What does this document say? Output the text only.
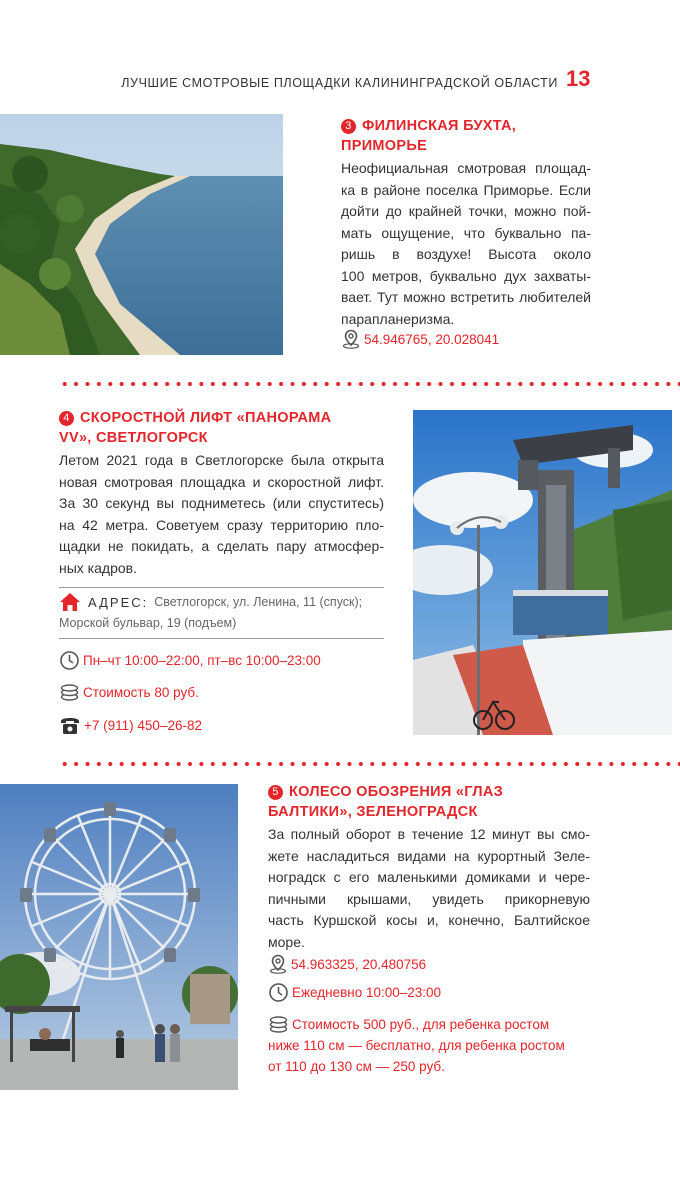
ЛУЧШИЕ СМОТРОВЫЕ ПЛОЩАДКИ КАЛИНИНГРАДСКОЙ ОБЛАСТИ 13
3 ФИЛИНСКАЯ БУХТА,
ПРИМОРЬЕ
Неофициальная смотровая площад-
ка в районе поселка Приморье. Если
дойти до крайней точки, можно пой-
мать ощущение, что буквально па-
ришь в воздухе! Высота около
100 метров, буквально дух захваты-
вает. Тут можно встретить любителей
парапланеризма.
54.946765, 20.028041
4 СКОРОСТНОЙ ЛИФТ «ПАНОРАМА
VV», СВЕТЛОГОРСК
Летом 2021 года в Светлогорске была открыта
новая смотровая площадка и скоростной лифт.
За 30 секунд вы подниметесь (или спуститесь)
на 42 метра. Советуем сразу территорию пло-
щадки не покидать, а сделать пару атмосфер-
ных кадров.
АДРЕС: Светлогорск, ул. Ленина, 11 (спуск);
Морской бульвар, 19 (подъем)
Пн–чт 10:00–22:00, пт–вс 10:00–23:00
Стоимость 80 руб.
+7 (911) 450–26-82
5 КОЛЕСО ОБОЗРЕНИЯ «ГЛАЗ
БАЛТИКИ», ЗЕЛЕНОГРАДСК
За полный оборот в течение 12 минут вы смо-
жете насладиться видами на курортный Зеле-
ноградск с его маленькими домиками и чере-
пичными крышами, увидеть прикорневую
часть Куршской косы и, конечно, Балтийское
море.
54.963325, 20.480756
Ежедневно 10:00–23:00
Стоимость 500 руб., для ребенка ростом
ниже 110 см — бесплатно, для ребенка ростом
от 110 до 130 см — 250 руб.
